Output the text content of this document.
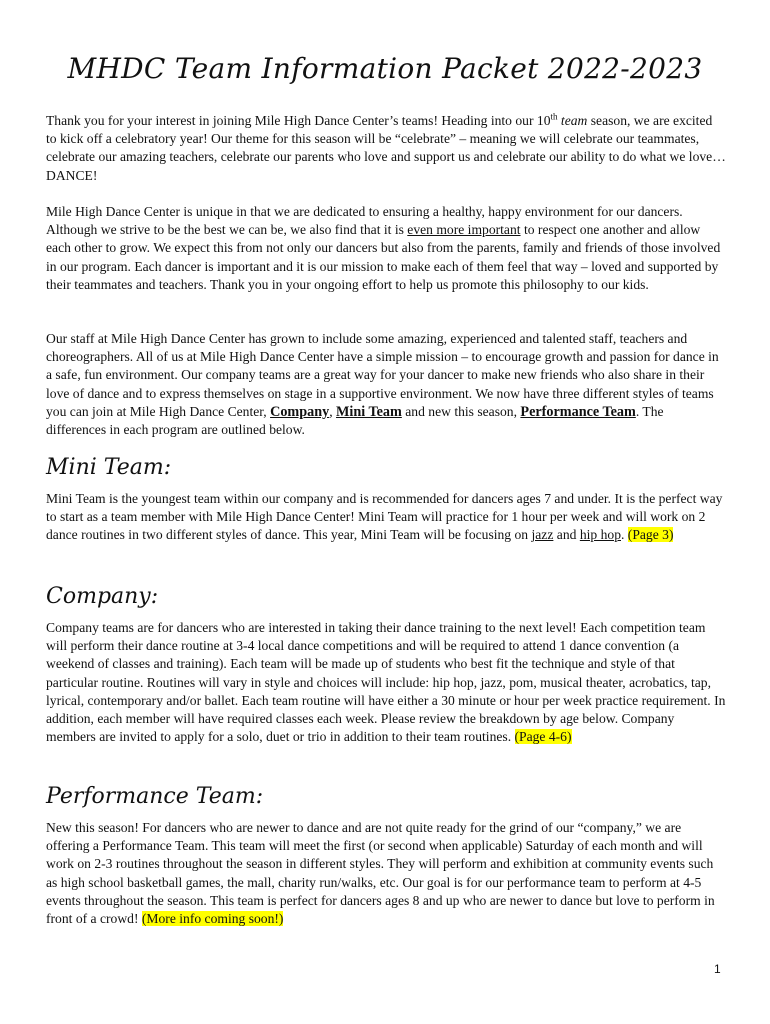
MHDC Team Information Packet 2022-2023

Thank you for your interest in joining Mile High Dance Center’s teams! Heading into our 10th team season, we are excited to kick off a celebratory year! Our theme for this season will be “celebrate” – meaning we will celebrate our teammates, celebrate our amazing teachers, celebrate our parents who love and support us and celebrate our ability to do what we love… DANCE!

Mile High Dance Center is unique in that we are dedicated to ensuring a healthy, happy environment for our dancers. Although we strive to be the best we can be, we also find that it is even more important to respect one another and allow each other to grow. We expect this from not only our dancers but also from the parents, family and friends of those involved in our program. Each dancer is important and it is our mission to make each of them feel that way – loved and supported by their teammates and teachers. Thank you in your ongoing effort to help us promote this philosophy to our kids.

Our staff at Mile High Dance Center has grown to include some amazing, experienced and talented staff, teachers and choreographers. All of us at Mile High Dance Center have a simple mission – to encourage growth and passion for dance in a safe, fun environment. Our company teams are a great way for your dancer to make new friends who also share in their love of dance and to express themselves on stage in a supportive environment. We now have three different styles of teams you can join at Mile High Dance Center, Company, Mini Team and new this season, Performance Team. The differences in each program are outlined below.

Mini Team:

Mini Team is the youngest team within our company and is recommended for dancers ages 7 and under. It is the perfect way to start as a team member with Mile High Dance Center! Mini Team will practice for 1 hour per week and will work on 2 dance routines in two different styles of dance. This year, Mini Team will be focusing on jazz and hip hop. (Page 3)

Company:

Company teams are for dancers who are interested in taking their dance training to the next level! Each competition team will perform their dance routine at 3-4 local dance competitions and will be required to attend 1 dance convention (a weekend of classes and training). Each team will be made up of students who best fit the technique and style of that particular routine. Routines will vary in style and choices will include: hip hop, jazz, pom, musical theater, acrobatics, tap, lyrical, contemporary and/or ballet. Each team routine will have either a 30 minute or hour per week practice requirement. In addition, each member will have required classes each week. Please review the breakdown by age below. Company members are invited to apply for a solo, duet or trio in addition to their team routines. (Page 4-6)

Performance Team:

New this season! For dancers who are newer to dance and are not quite ready for the grind of our “company,” we are offering a Performance Team. This team will meet the first (or second when applicable) Saturday of each month and will work on 2-3 routines throughout the season in different styles. They will perform and exhibition at community events such as high school basketball games, the mall, charity run/walks, etc. Our goal is for our performance team to perform at 4-5 events throughout the season. This team is perfect for dancers ages 8 and up who are newer to dance but love to perform in front of a crowd! (More info coming soon!)

1
